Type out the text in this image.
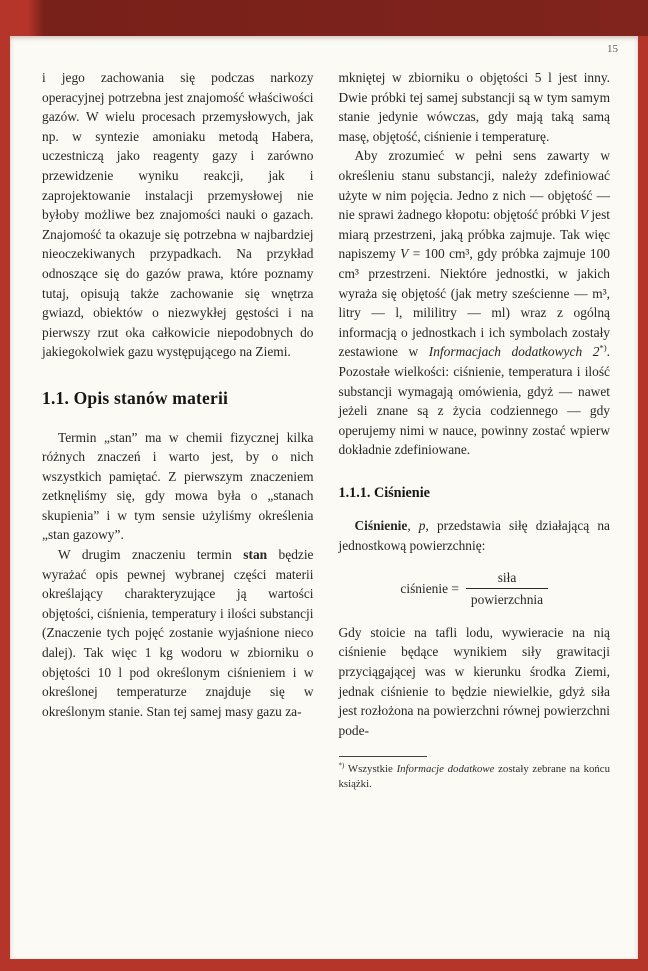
15

i jego zachowania się podczas narkozy operacyjnej potrzebna jest znajomość właściwości gazów. W wielu procesach przemysłowych, jak np. w syntezie amoniaku metodą Habera, uczestniczą jako reagenty gazy i zarówno przewidzenie wyniku reakcji, jak i zaprojektowanie instalacji przemysłowej nie byłoby możliwe bez znajomości nauki o gazach. Znajomość ta okazuje się potrzebna w najbardziej nieoczekiwanych przypadkach. Na przykład odnoszące się do gazów prawa, które poznamy tutaj, opisują także zachowanie się wnętrza gwiazd, obiektów o niezwykłej gęstości i na pierwszy rzut oka całkowicie niepodobnych do jakiegokolwiek gazu występującego na Ziemi.

1.1. Opis stanów materii

Termin „stan” ma w chemii fizycznej kilka różnych znaczeń i warto jest, by o nich wszystkich pamiętać. Z pierwszym znaczeniem zetknęliśmy się, gdy mowa była o „stanach skupienia” i w tym sensie użyliśmy określenia „stan gazowy”.

W drugim znaczeniu termin stan będzie wyrażać opis pewnej wybranej części materii określający charakteryzujące ją wartości objętości, ciśnienia, temperatury i ilości substancji (Znaczenie tych pojęć zostanie wyjaśnione nieco dalej). Tak więc 1 kg wodoru w zbiorniku o objętości 10 l pod określonym ciśnieniem i w określonej temperaturze znajduje się w określonym stanie. Stan tej samej masy gazu za-

mkniętej w zbiorniku o objętości 5 l jest inny. Dwie próbki tej samej substancji są w tym samym stanie jedynie wówczas, gdy mają taką samą masę, objętość, ciśnienie i temperaturę.

Aby zrozumieć w pełni sens zawarty w określeniu stanu substancji, należy zdefiniować użyte w nim pojęcia. Jedno z nich — objętość — nie sprawi żadnego kłopotu: objętość próbki V jest miarą przestrzeni, jaką próbka zajmuje. Tak więc napiszemy V = 100 cm³, gdy próbka zajmuje 100 cm³ przestrzeni. Niektóre jednostki, w jakich wyraża się objętość (jak metry sześcienne — m³, litry — l, mililitry — ml) wraz z ogólną informacją o jednostkach i ich symbolach zostały zestawione w Informacjach dodatkowych 2*). Pozostałe wielkości: ciśnienie, temperatura i ilość substancji wymagają omówienia, gdyż — nawet jeżeli znane są z życia codziennego — gdy operujemy nimi w nauce, powinny zostać wpierw dokładnie zdefiniowane.

1.1.1. Ciśnienie

Ciśnienie, p, przedstawia siłę działającą na jednostkową powierzchnię:

ciśnienie = $\frac{\text{siła}}{\text{powierzchnia}}$

Gdy stoicie na tafli lodu, wywieracie na nią ciśnienie będące wynikiem siły grawitacji przyciągającej was w kierunku środka Ziemi, jednak ciśnienie to będzie niewielkie, gdyż siła jest rozłożona na powierzchni równej powierzchni pode-

*) Wszystkie Informacje dodatkowe zostały zebrane na końcu książki.
